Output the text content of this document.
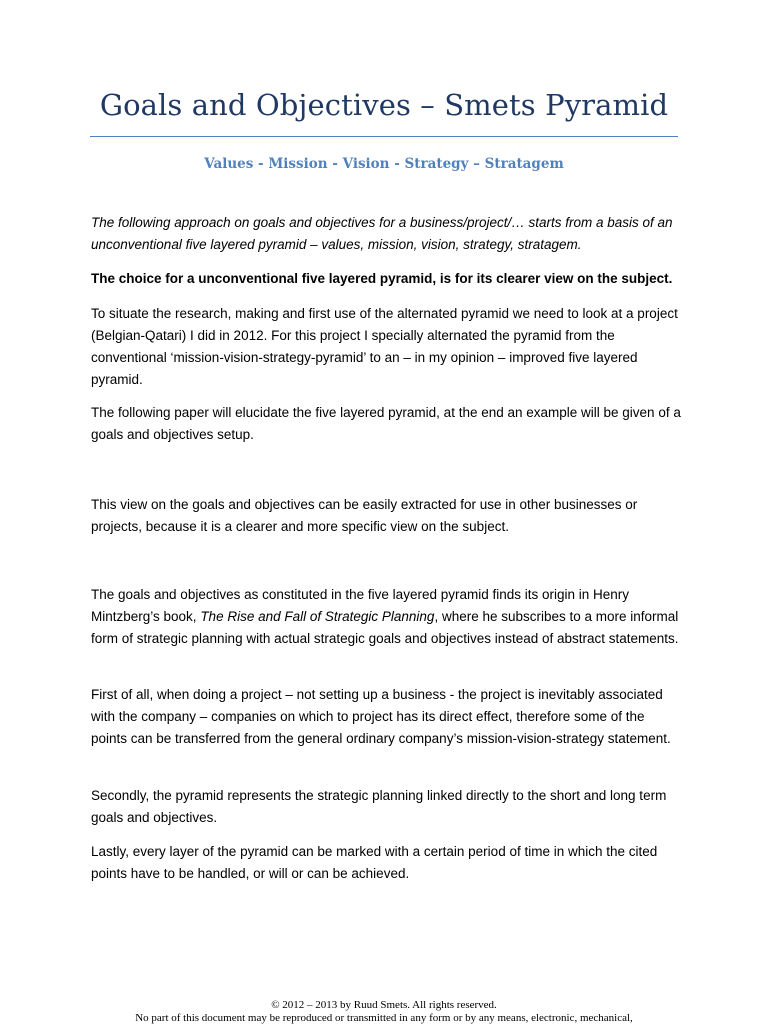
Goals and Objectives – Smets Pyramid

Values - Mission - Vision - Strategy – Stratagem

The following approach on goals and objectives for a business/project/… starts from a basis of an unconventional five layered pyramid – values, mission, vision, strategy, stratagem.

The choice for a unconventional five layered pyramid, is for its clearer view on the subject.

To situate the research, making and first use of the alternated pyramid we need to look at a project (Belgian-Qatari) I did in 2012. For this project I specially alternated the pyramid from the conventional ‘mission-vision-strategy-pyramid’ to an – in my opinion – improved five layered pyramid.

The following paper will elucidate the five layered pyramid, at the end an example will be given of a goals and objectives setup.

This view on the goals and objectives can be easily extracted for use in other businesses or projects, because it is a clearer and more specific view on the subject.

The goals and objectives as constituted in the five layered pyramid finds its origin in Henry Mintzberg’s book, The Rise and Fall of Strategic Planning, where he subscribes to a more informal form of strategic planning with actual strategic goals and objectives instead of abstract statements.

First of all, when doing a project – not setting up a business - the project is inevitably associated with the company – companies on which to project has its direct effect, therefore some of the points can be transferred from the general ordinary company’s mission-vision-strategy statement.

Secondly, the pyramid represents the strategic planning linked directly to the short and long term goals and objectives.

Lastly, every layer of the pyramid can be marked with a certain period of time in which the cited points have to be handled, or will or can be achieved.

© 2012 – 2013 by Ruud Smets. All rights reserved.

No part of this document may be reproduced or transmitted in any form or by any means, electronic, mechanical,
